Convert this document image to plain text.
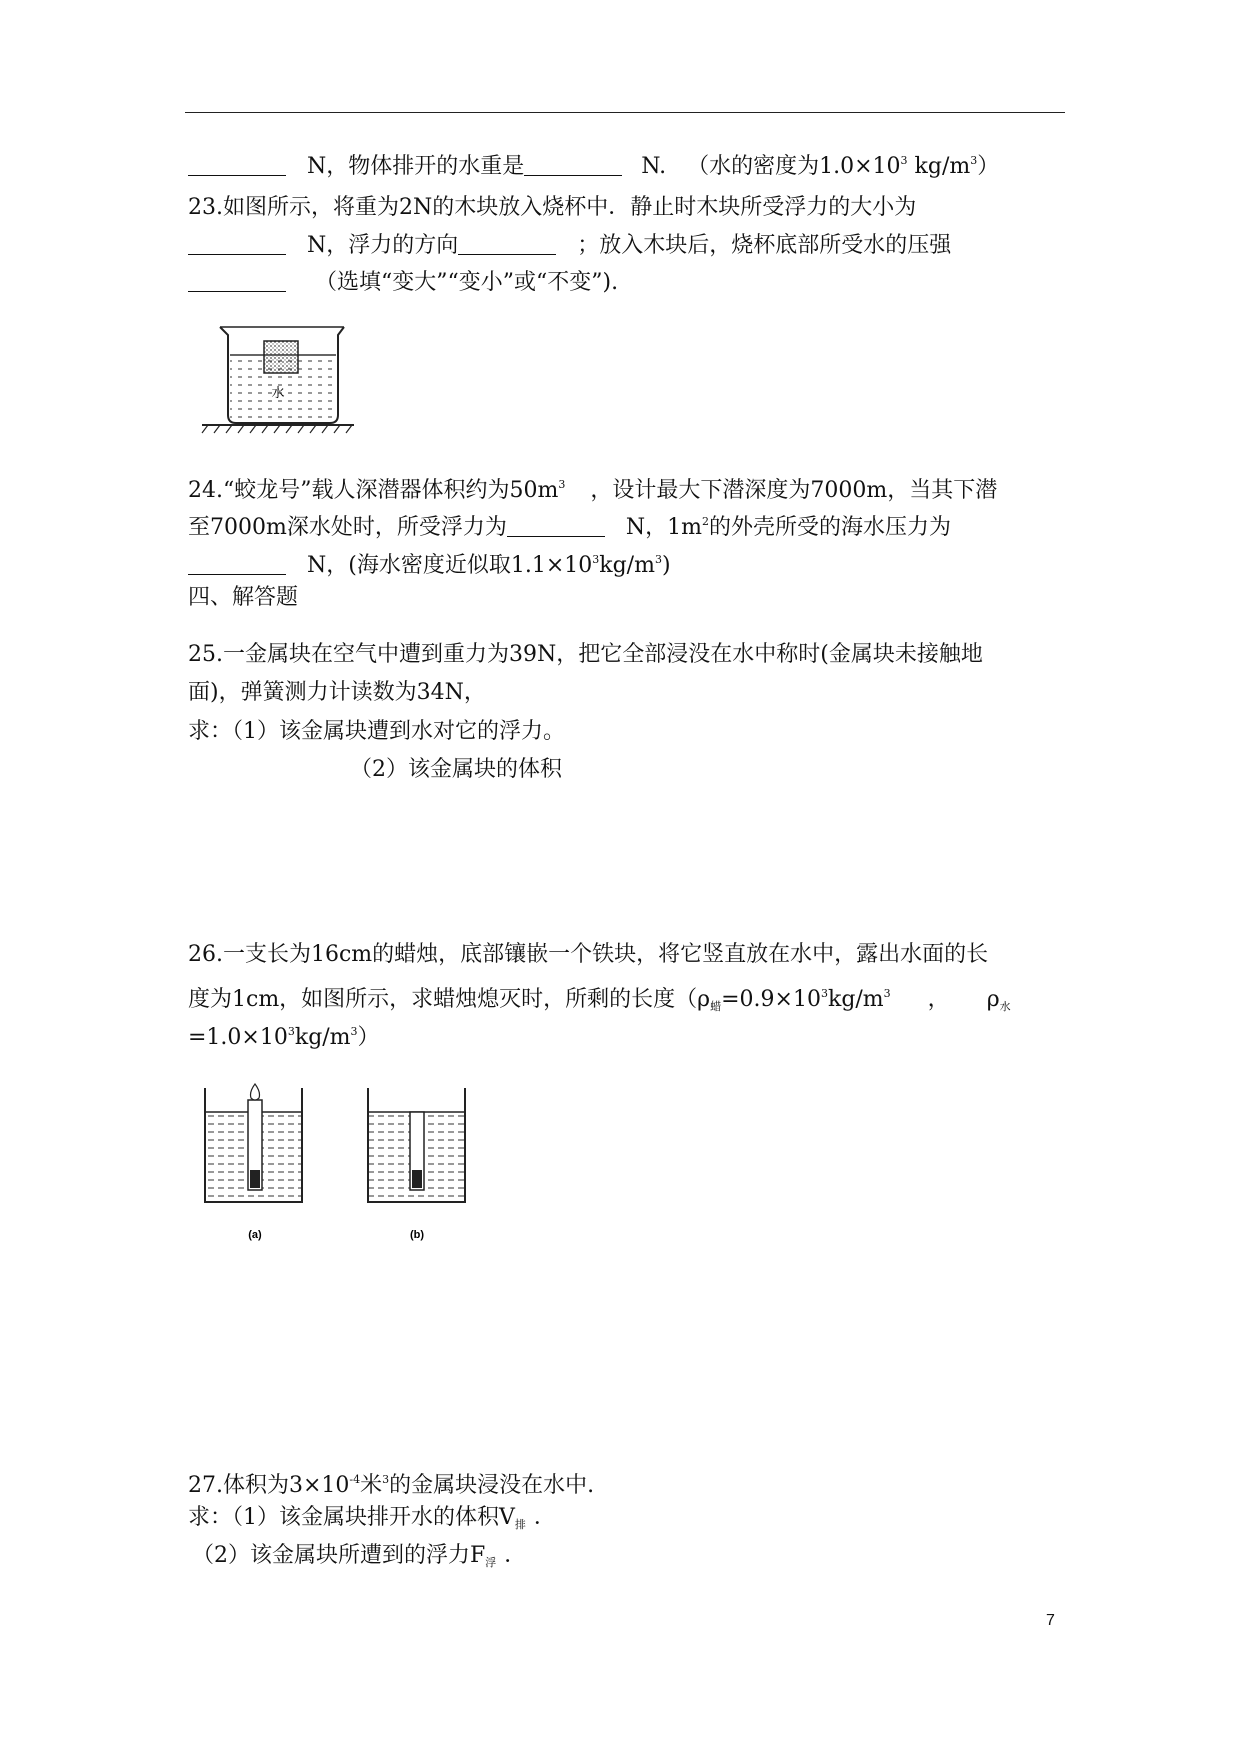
N，物体排开的水重是	N. （水的密度为$1.0\times 10^3$ $kg/m^3$）
23.如图所示，将重为2N的木块放入烧杯中．静止时木块所受浮力的大小为
N，浮力的方向	；放入木块后，烧杯底部所受水的压强
（选填“变大”“变小”或“不变”).
水
24.“蛟龙号”载人深潜器体积约为$50m^3$ ，设计最大下潜深度为7000m，当其下潜
至7000m深水处时，所受浮力为	N，$1m^2$的外壳所受的海水压力为
N，(海水密度近似取$1.1\times 10^3kg/m^3$)
四、解答题
25.一金属块在空气中遭到重力为39N，把它全部浸没在水中称时(金属块未接触地
面)，弹簧测力计读数为34N，
求：（1）该金属块遭到水对它的浮力。
（2）该金属块的体积
26.一支长为16cm的蜡烛，底部镶嵌一个铁块，将它竖直放在水中，露出水面的长
度为1cm，如图所示，求蜡烛熄灭时，所剩的长度（$\rho_蜡=0.9\times 10^3kg/m^3$ ， $\rho_水$
$=1.0\times 10^3kg/m^3$）
(a)	(b)
27.体积为$3\times 10^{-4}$米$^3$的金属块浸没在水中.
求：（1）该金属块排开水的体积$V_排$ ．
（2）该金属块所遭到的浮力$F_浮$ ．
7
